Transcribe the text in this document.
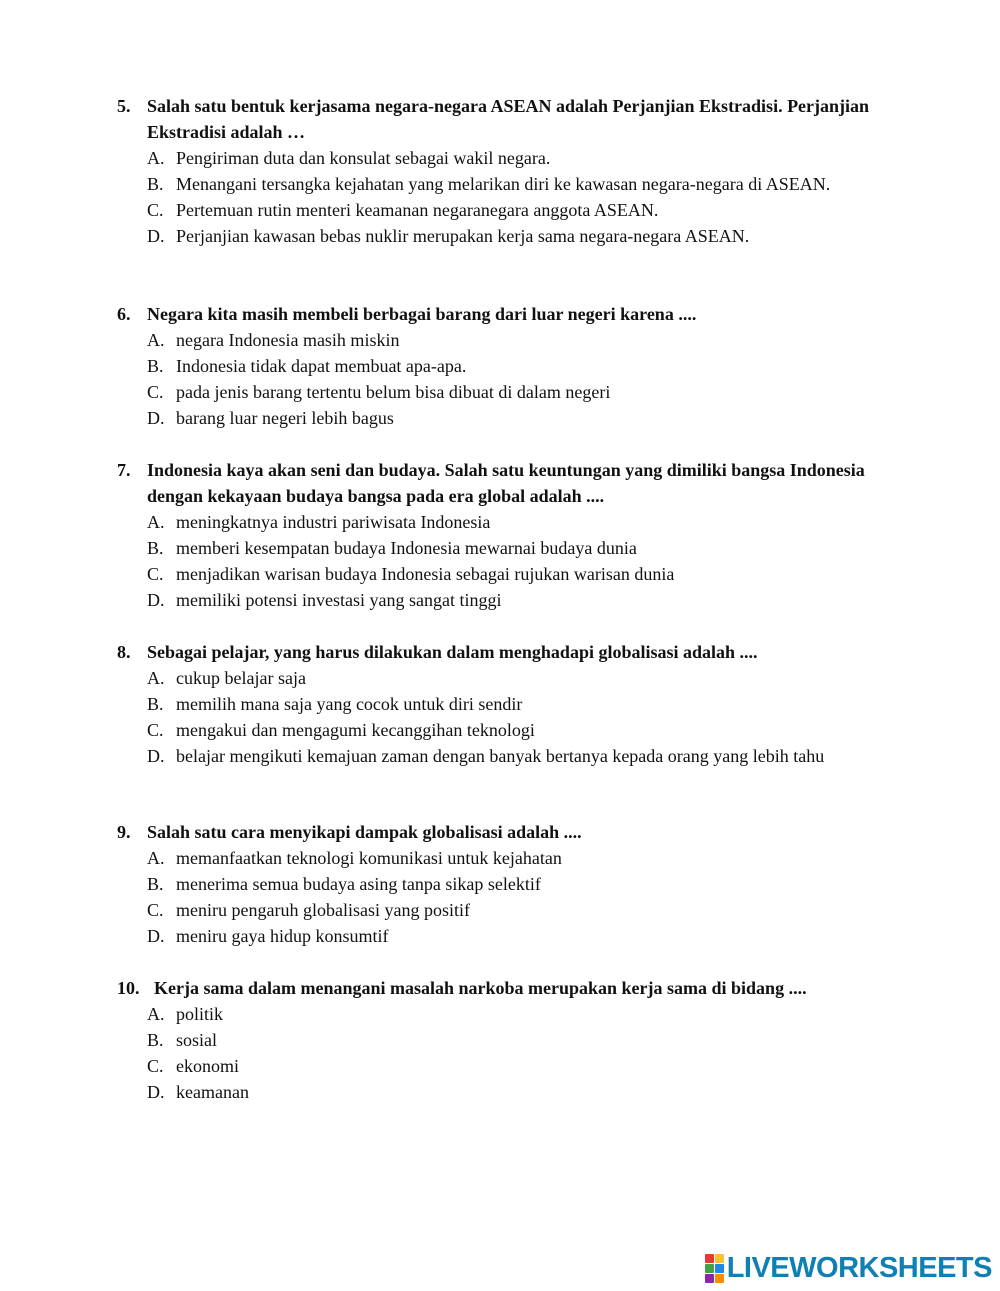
5. Salah satu bentuk kerjasama negara-negara ASEAN adalah Perjanjian Ekstradisi. Perjanjian Ekstradisi adalah …
A. Pengiriman duta dan konsulat sebagai wakil negara.
B. Menangani tersangka kejahatan yang melarikan diri ke kawasan negara-negara di ASEAN.
C. Pertemuan rutin menteri keamanan negaranegara anggota ASEAN.
D. Perjanjian kawasan bebas nuklir merupakan kerja sama negara-negara ASEAN.
6. Negara kita masih membeli berbagai barang dari luar negeri karena ....
A. negara Indonesia masih miskin
B. Indonesia tidak dapat membuat apa-apa.
C. pada jenis barang tertentu belum bisa dibuat di dalam negeri
D. barang luar negeri lebih bagus
7. Indonesia kaya akan seni dan budaya. Salah satu keuntungan yang dimiliki bangsa Indonesia dengan kekayaan budaya bangsa pada era global adalah ....
A. meningkatnya industri pariwisata Indonesia
B. memberi kesempatan budaya Indonesia mewarnai budaya dunia
C. menjadikan warisan budaya Indonesia sebagai rujukan warisan dunia
D. memiliki potensi investasi yang sangat tinggi
8. Sebagai pelajar, yang harus dilakukan dalam menghadapi globalisasi adalah ....
A. cukup belajar saja
B. memilih mana saja yang cocok untuk diri sendir
C. mengakui dan mengagumi kecanggihan teknologi
D. belajar mengikuti kemajuan zaman dengan banyak bertanya kepada orang yang lebih tahu
9. Salah satu cara menyikapi dampak globalisasi adalah ....
A. memanfaatkan teknologi komunikasi untuk kejahatan
B. menerima semua budaya asing tanpa sikap selektif
C. meniru pengaruh globalisasi yang positif
D. meniru gaya hidup konsumtif
10. Kerja sama dalam menangani masalah narkoba merupakan kerja sama di bidang ....
A. politik
B. sosial
C. ekonomi
D. keamanan
LIVEWORKSHEETS
